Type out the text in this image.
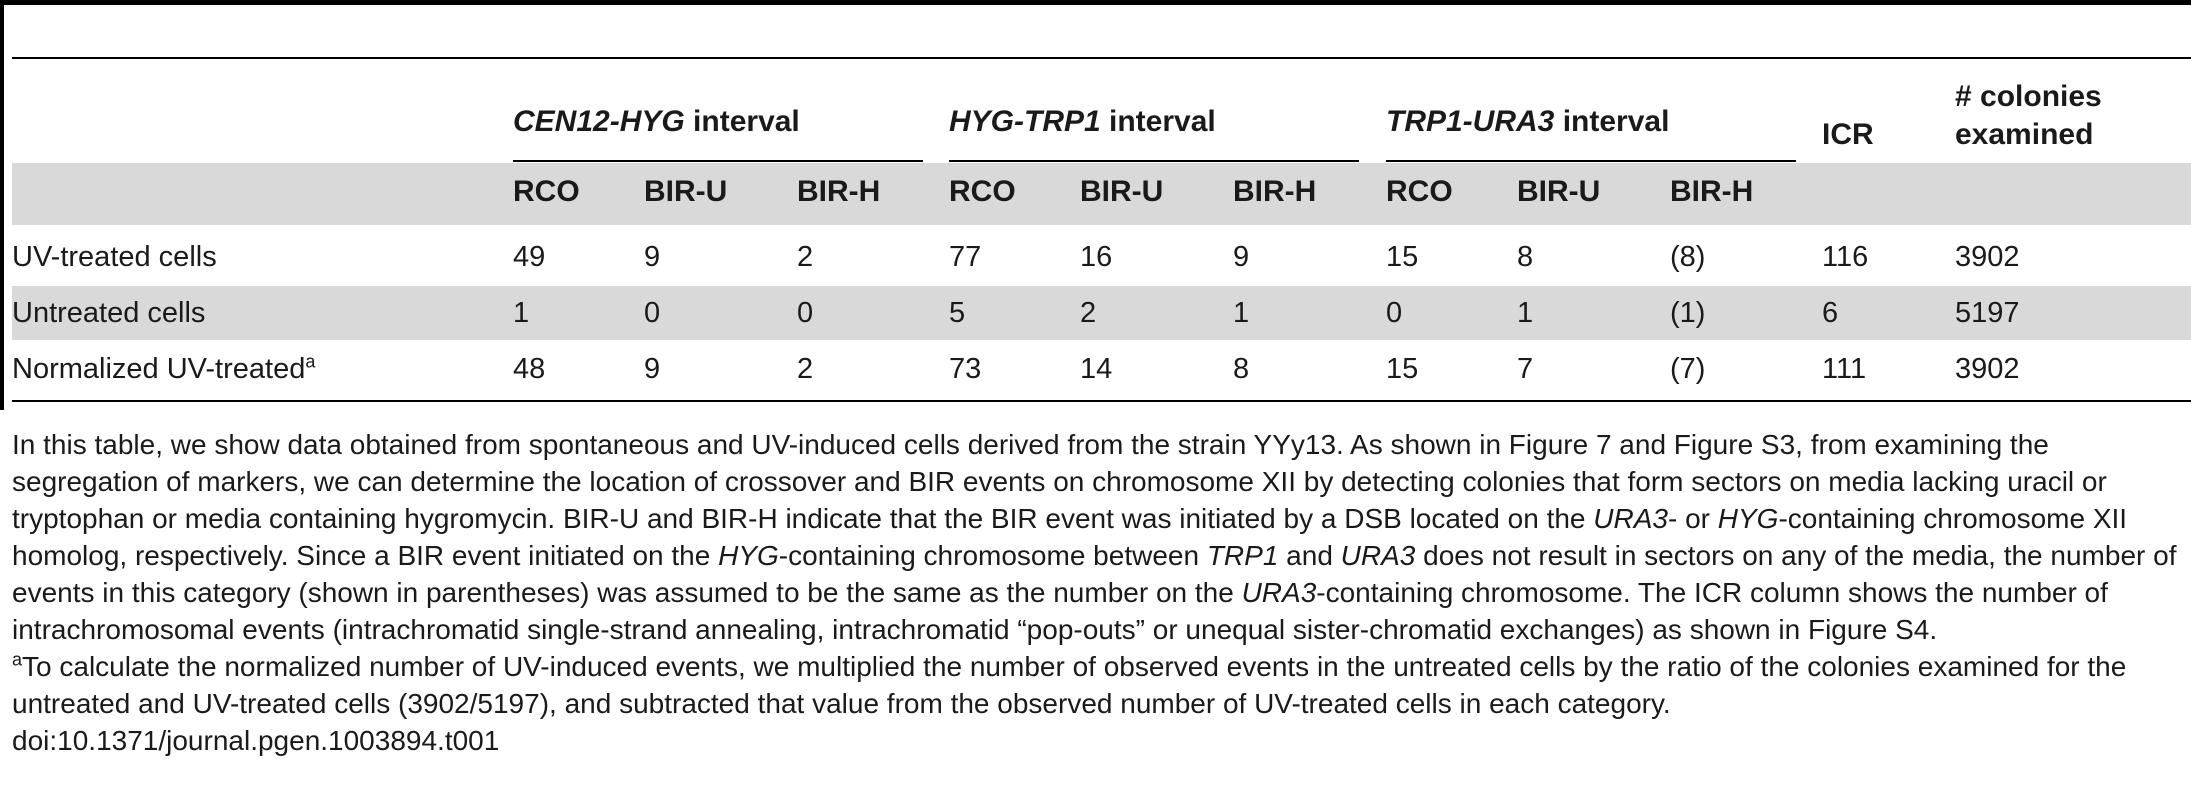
CEN12-HYG interval	HYG-TRP1 interval	TRP1-URA3 interval	ICR
# colonies
examined
RCO BIR-U BIR-H RCO BIR-U BIR-H RCO BIR-U BIR-H
UV-treated cells	49	9	2	77	16	9	15	8	(8)	116	3902
Untreated cells	1	0	0	5	2	1	0	1	(1)	6	5197
Normalized UV-treated$^a$	48	9	2	73	14	8	15	7	(7)	111	3902

In this table, we show data obtained from spontaneous and UV-induced cells derived from the strain YYy13. As shown in Figure 7 and Figure S3, from examining the segregation of markers, we can determine the location of crossover and BIR events on chromosome XII by detecting colonies that form sectors on media lacking uracil or tryptophan or media containing hygromycin. BIR-U and BIR-H indicate that the BIR event was initiated by a DSB located on the URA3- or HYG-containing chromosome XII homolog, respectively. Since a BIR event initiated on the HYG-containing chromosome between TRP1 and URA3 does not result in sectors on any of the media, the number of events in this category (shown in parentheses) was assumed to be the same as the number on the URA3-containing chromosome. The ICR column shows the number of intrachromosomal events (intrachromatid single-strand annealing, intrachromatid “pop-outs” or unequal sister-chromatid exchanges) as shown in Figure S4.

$^a$To calculate the normalized number of UV-induced events, we multiplied the number of observed events in the untreated cells by the ratio of the colonies examined for the untreated and UV-treated cells (3902/5197), and subtracted that value from the observed number of UV-treated cells in each category.

doi:10.1371/journal.pgen.1003894.t001
